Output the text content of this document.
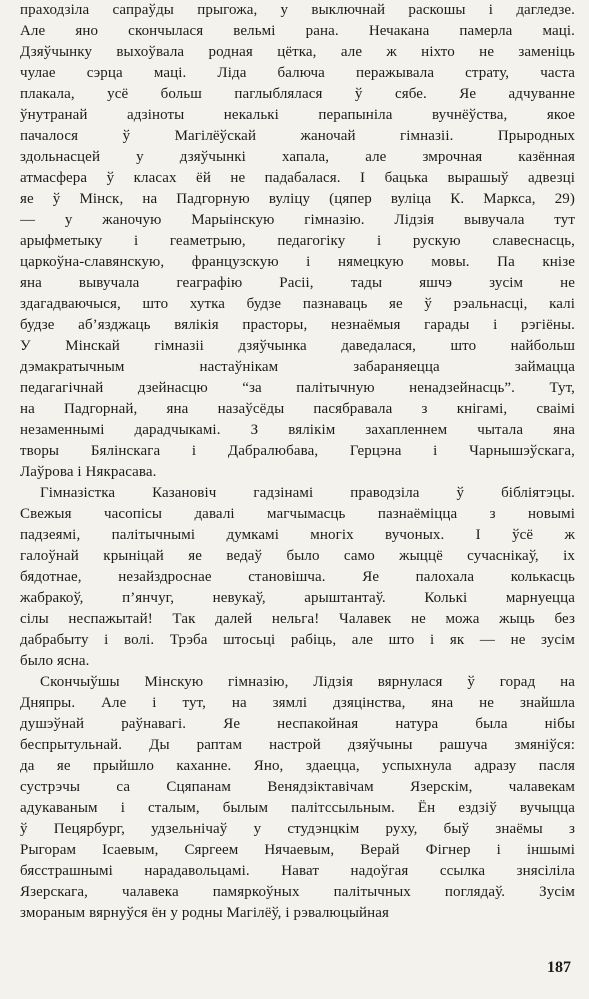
праходзіла сапраўды прыгожа, у выключнай раскошы і дагледзе.
Але яно скончылася вельмі рана. Нечакана памерла маці.
Дзяўчынку выхоўвала родная цётка, але ж ніхто не заменіць
чулае сэрца маці. Ліда балюча перажывала страту, часта
плакала, усё больш паглыблялася ў сябе. Яе адчуванне
ўнутранай адзіноты некалькі перапыніла вучнёўства, якое
пачалося ў Магілёўскай жаночай гімназіі. Прыродных
здольнасцей у дзяўчынкі хапала, але змрочная казённая
атмасфера ў класах ёй не падабалася. І бацька вырашыў адвезці
яе ў Мінск, на Падгорную вуліцу (цяпер вуліца К. Маркса, 29)
— у жаночую Марыінскую гімназію. Лідзія вывучала тут
арыфметыку і геаметрыю, педагогіку і рускую славеснасць,
царкоўна-славянскую, французскую і нямецкую мовы. Па кнізе
яна вывучала геаграфію Расіі, тады яшчэ зусім не
здагадваючыся, што хутка будзе пазнаваць яе ў рэальнасці, калі
будзе аб’язджаць вялікія прасторы, незнаёмыя гарады і рэгіёны.
У Мінскай гімназіі дзяўчынка даведалася, што найбольш
дэмакратычным настаўнікам забараняецца займацца
педагагічнай дзейнасцю “за палітычную ненадзейнасць”. Тут,
на Падгорнай, яна назаўсёды пасябравала з кнігамі, сваімі
незаменнымі дарадчыкамі. З вялікім захапленнем чытала яна
творы Бялінскага і Дабралюбава, Герцэна і Чарнышэўскага,
Лаўрова і Някрасава.
Гімназістка Казановіч гадзінамі праводзіла ў бібліятэцы.
Свежыя часопісы давалі магчымасць пазнаёміцца з новымі
падзеямі, палітычнымі думкамі многіх вучоных. І ўсё ж
галоўнай крыніцай яе ведаў было само жыццё сучаснікаў, іх
бядотнае, незайздроснае становішча. Яе палохала колькасць
жабракоў, п’янчуг, невукаў, арыштантаў. Колькі марнуецца
сілы неспажытай! Так далей нельга! Чалавек не можа жыць без
дабрабыту і волі. Трэба штосьці рабіць, але што і як — не зусім
было ясна.
Скончыўшы Мінскую гімназію, Лідзія вярнулася ў горад на
Дняпры. Але і тут, на зямлі дзяцінства, яна не знайшла
душэўнай раўнавагі. Яе неспакойная натура была нібы
беспрытульнай. Ды раптам настрой дзяўчыны рашуча змяніўся:
да яе прыйшло каханне. Яно, здаецца, успыхнула адразу пасля
сустрэчы са Сцяпанам Венядзіктавічам Язерскім, чалавекам
адукаваным і сталым, былым палітссыльным. Ён ездзіў вучыцца
ў Пецярбург, удзельнічаў у студэнцкім руху, быў знаёмы з
Рыгорам Ісаевым, Сяргеем Нячаевым, Верай Фігнер і іншымі
бясстрашнымі нарадавольцамі. Нават надоўгая ссылка знясіліла
Язерскага, чалавека памяркоўных палітычных поглядаў. Зусім
змораным вярнуўся ён у родны Магілёў, і рэвалюцыйная
187
